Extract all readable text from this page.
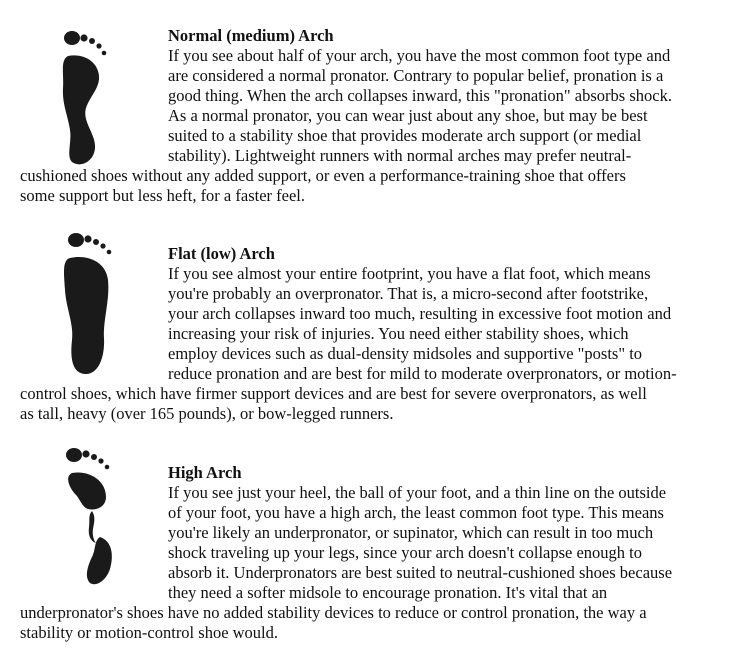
Normal (medium) Arch
If you see about half of your arch, you have the most common foot type and
are considered a normal pronator. Contrary to popular belief, pronation is a
good thing. When the arch collapses inward, this "pronation" absorbs shock.
As a normal pronator, you can wear just about any shoe, but may be best
suited to a stability shoe that provides moderate arch support (or medial
stability). Lightweight runners with normal arches may prefer neutral-
cushioned shoes without any added support, or even a performance-training shoe that offers
some support but less heft, for a faster feel.
Flat (low) Arch
If you see almost your entire footprint, you have a flat foot, which means
you're probably an overpronator. That is, a micro-second after footstrike,
your arch collapses inward too much, resulting in excessive foot motion and
increasing your risk of injuries. You need either stability shoes, which
employ devices such as dual-density midsoles and supportive "posts" to
reduce pronation and are best for mild to moderate overpronators, or motion-
control shoes, which have firmer support devices and are best for severe overpronators, as well
as tall, heavy (over 165 pounds), or bow-legged runners.
High Arch
If you see just your heel, the ball of your foot, and a thin line on the outside
of your foot, you have a high arch, the least common foot type. This means
you're likely an underpronator, or supinator, which can result in too much
shock traveling up your legs, since your arch doesn't collapse enough to
absorb it. Underpronators are best suited to neutral-cushioned shoes because
they need a softer midsole to encourage pronation. It's vital that an
underpronator's shoes have no added stability devices to reduce or control pronation, the way a
stability or motion-control shoe would.
